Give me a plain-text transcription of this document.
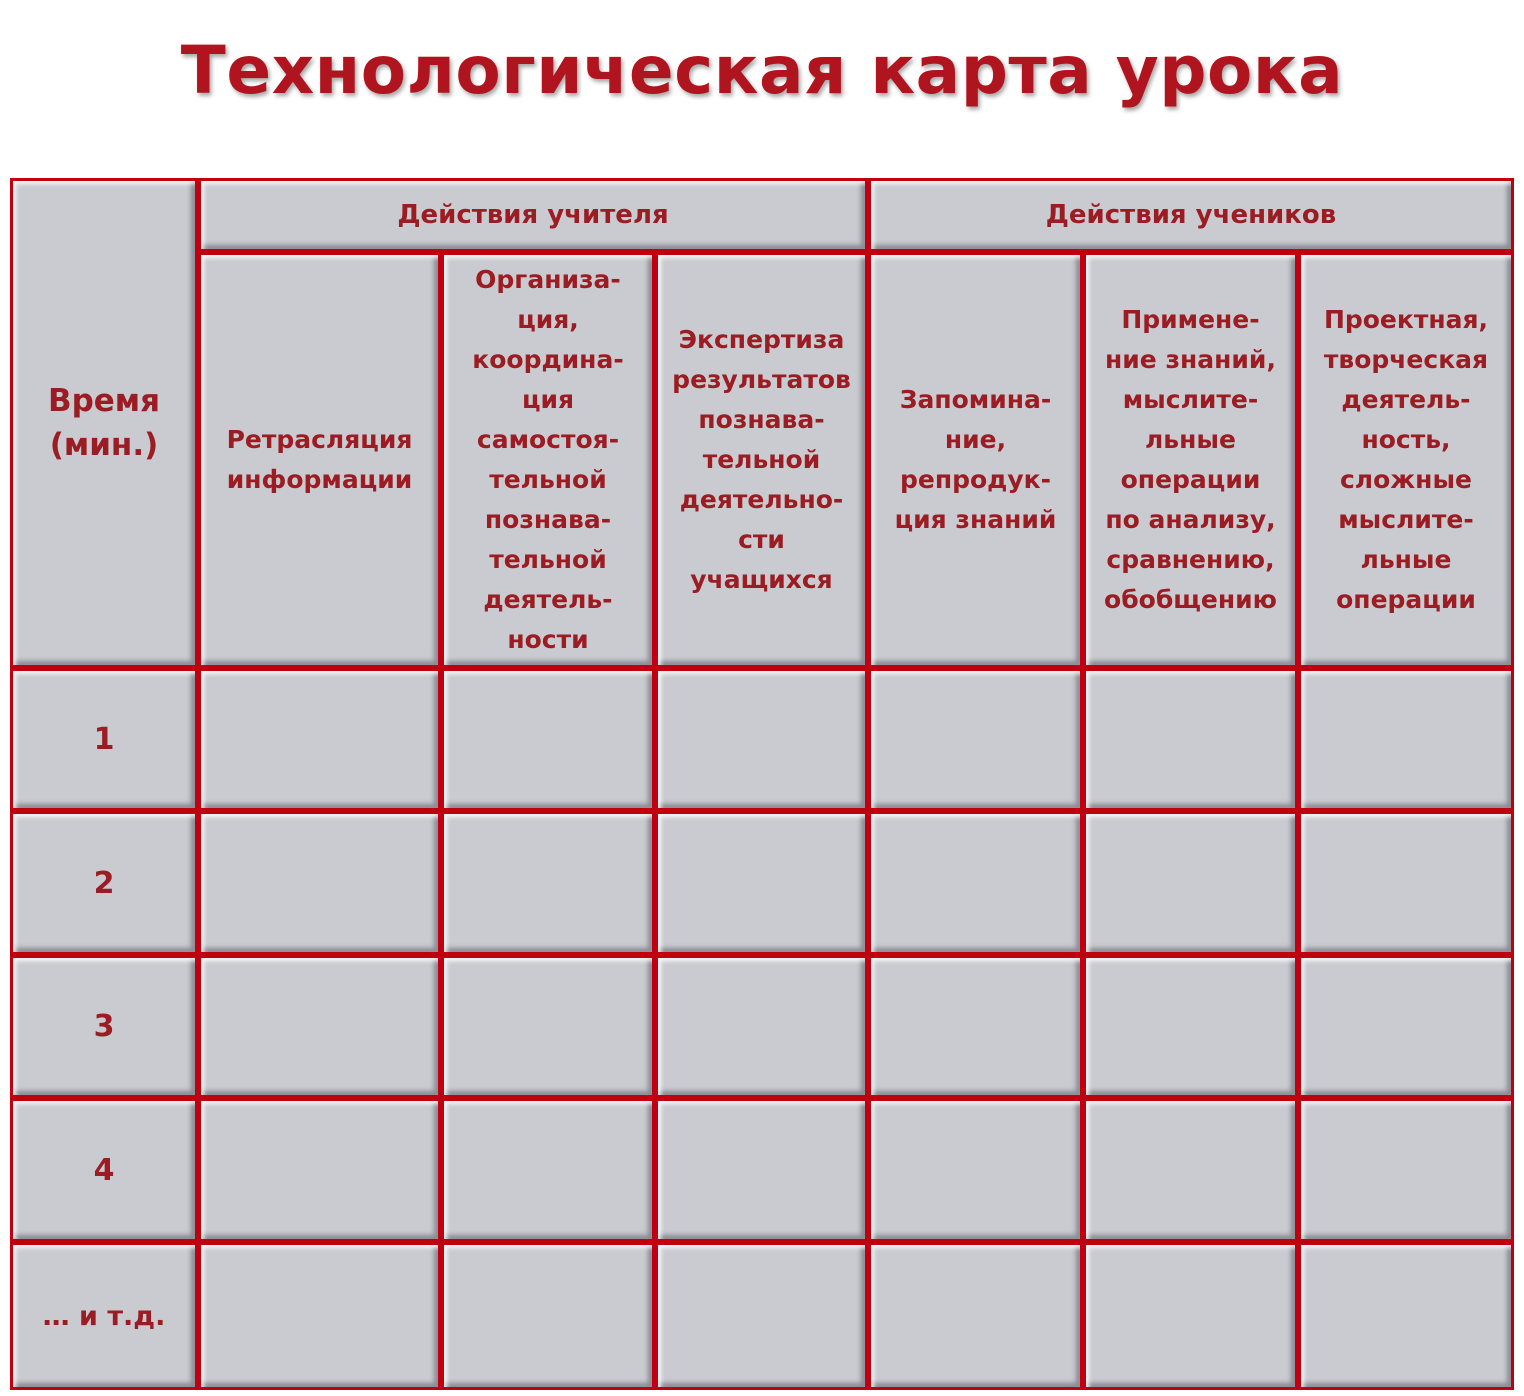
Технологическая карта урока
Время
(мин.)
Действия учителя	Действия учеников
Ретрасляция
информации
Организа-
ция,
координа-
ция
самостоя-
тельной
познава-
тельной
деятель-
ности
Экспертиза
результатов
познава-
тельной
деятельно-
сти
учащихся
Запомина-
ние,
репродук-
ция знаний
Примене-
ние знаний,
мыслите-
льные
операции
по анализу,
сравнению,
обобщению
Проектная,
творческая
деятель-
ность,
сложные
мыслите-
льные
операции
1
2
3
4
… и т.д.
